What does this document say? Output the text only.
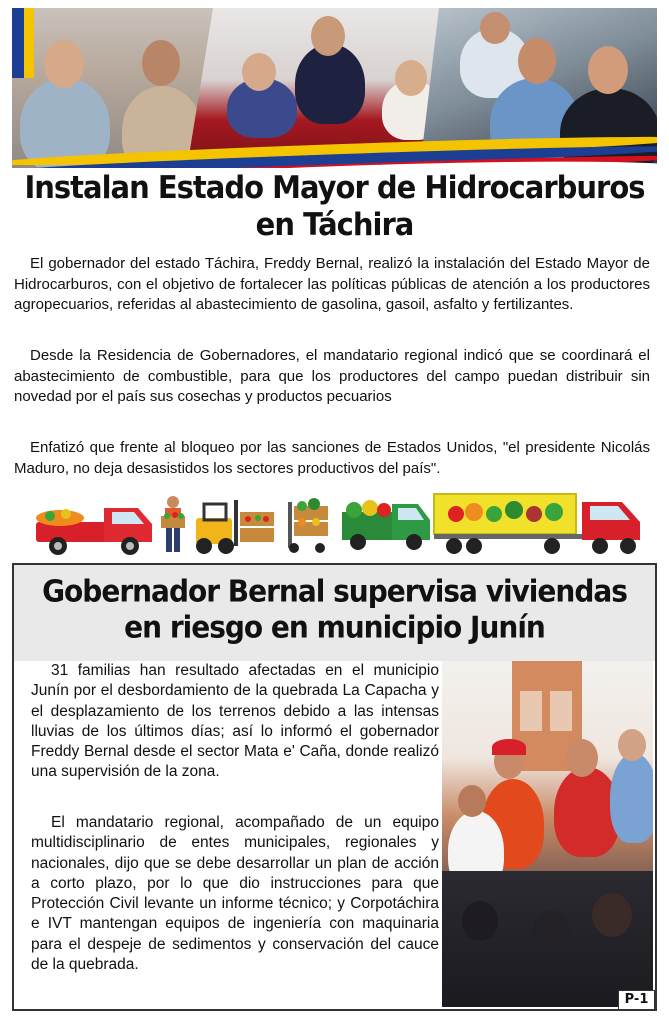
Instalan Estado Mayor de Hidrocarburos
en Táchira

El gobernador del estado Táchira, Freddy Bernal, realizó la instalación del Estado Mayor de Hidrocarburos, con el objetivo de fortalecer las políticas públicas de atención a los productores agropecuarios, referidas al abastecimiento de gasolina, gasoil, asfalto y fertilizantes.

Desde la Residencia de Gobernadores, el mandatario regional indicó que se coordinará el abastecimiento de combustible, para que los productores del campo puedan distribuir sin novedad por el país sus cosechas y productos pecuarios

Enfatizó que frente al bloqueo por las sanciones de Estados Unidos, "el presidente Nicolás Maduro, no deja desasistidos los sectores productivos del país".

Gobernador Bernal supervisa viviendas
en riesgo en municipio Junín

31 familias han resultado afectadas en el municipio Junín por el desbordamiento de la quebrada La Capacha y el desplazamiento de los terrenos debido a las intensas lluvias de los últimos días; así lo informó el gobernador Freddy Bernal desde el sector Mata e' Caña, donde realizó una supervisión de la zona.

El mandatario regional, acompañado de un equipo multidisciplinario de entes municipales, regionales y nacionales, dijo que se debe desarrollar un plan de acción a corto plazo, por lo que dio instrucciones para que Protección Civil levante un informe técnico; y Corpotáchira e IVT mantengan equipos de ingeniería con maquinaria para el despeje de sedimentos y conservación del cauce de la quebrada.

P-1
